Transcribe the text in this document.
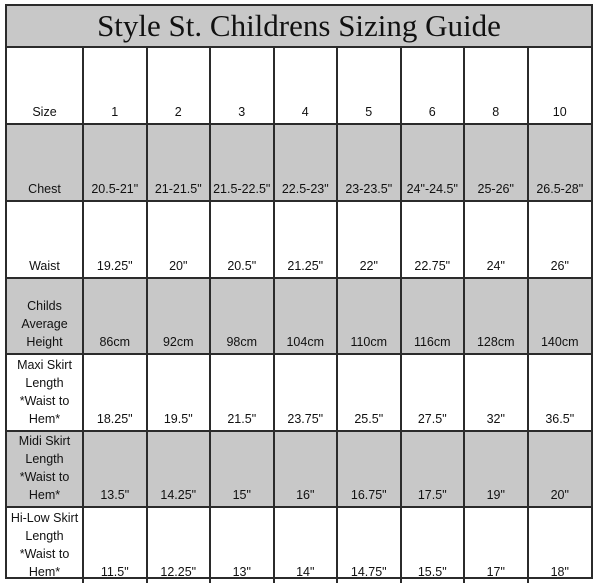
Style St. Childrens Sizing Guide
Size	1	2	3	4	5	6	8	10
Chest	20.5-21"	21-21.5"	21.5-22.5"	22.5-23"	23-23.5"	24"-24.5"	25-26"	26.5-28"
Waist	19.25"	20"	20.5"	21.25"	22"	22.75"	24"	26"
Childs Average Height	86cm	92cm	98cm	104cm	110cm	116cm	128cm	140cm
Maxi Skirt Length *Waist to Hem*	18.25"	19.5"	21.5"	23.75"	25.5"	27.5"	32"	36.5"
Midi Skirt Length *Waist to Hem*	13.5"	14.25"	15"	16"	16.75"	17.5"	19"	20"
Hi-Low Skirt Length *Waist to Hem*	11.5"	12.25"	13"	14"	14.75"	15.5"	17"	18"
